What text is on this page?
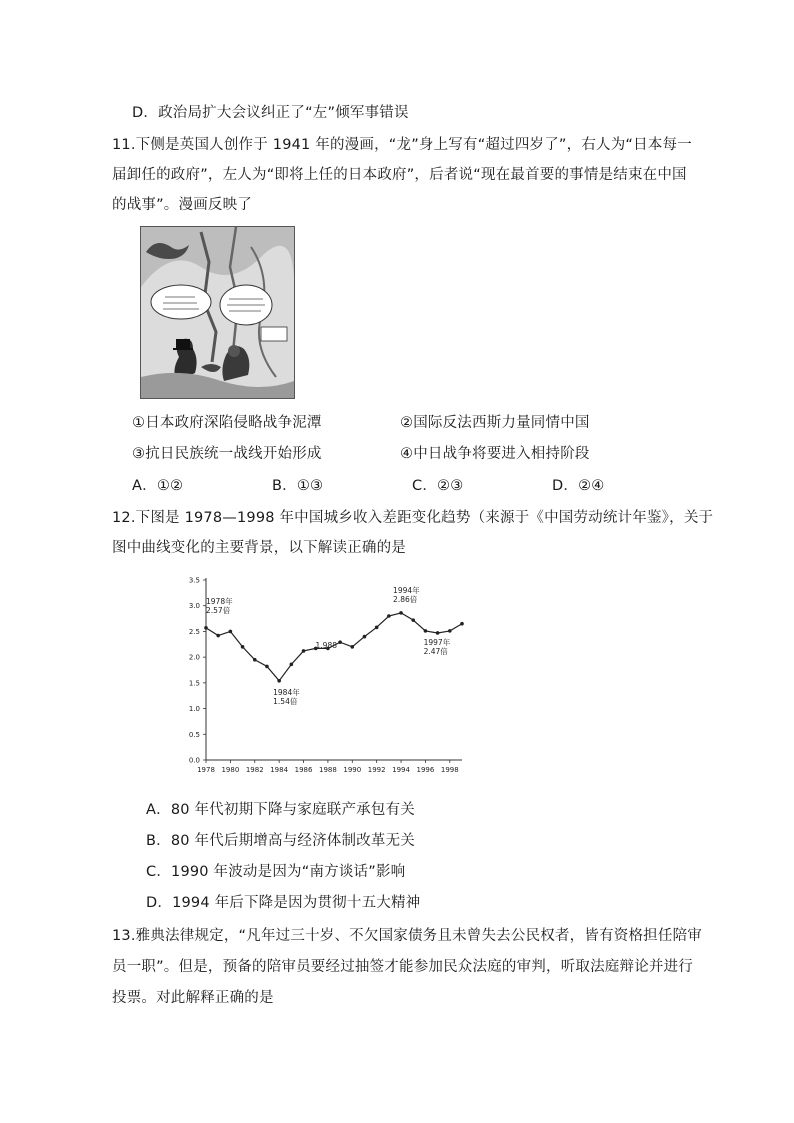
D．政治局扩大会议纠正了“左”倾军事错误
11.下侧是英国人创作于 1941 年的漫画，“龙”身上写有“超过四岁了”，右人为“日本每一
届卸任的政府”，左人为“即将上任的日本政府”，后者说“现在最首要的事情是结束在中国
的战事”。漫画反映了
①日本政府深陷侵略战争泥潭	②国际反法西斯力量同情中国
③抗日民族统一战线开始形成	④中日战争将要进入相持阶段
A．①②	B．①③	C．②③	D．②④
12.下图是 1978—1998 年中国城乡收入差距变化趋势（来源于《中国劳动统计年鉴》，关于
图中曲线变化的主要背景，以下解读正确的是
3.5
3.0
2.5
2.0
1.5
1.0
0.5
0.0
1978 1980 1982 1984 1986 1988 1990 1992 1994 1996 1998
1978年
2.57倍
1984年
1.54倍
1994年
2.86倍
1997年
2.47倍
1.988
A．80 年代初期下降与家庭联产承包有关
B．80 年代后期增高与经济体制改革无关
C．1990 年波动是因为“南方谈话”影响
D．1994 年后下降是因为贯彻十五大精神
13.雅典法律规定，“凡年过三十岁、不欠国家债务且未曾失去公民权者，皆有资格担任陪审
员一职”。但是，预备的陪审员要经过抽签才能参加民众法庭的审判，听取法庭辩论并进行
投票。对此解释正确的是
